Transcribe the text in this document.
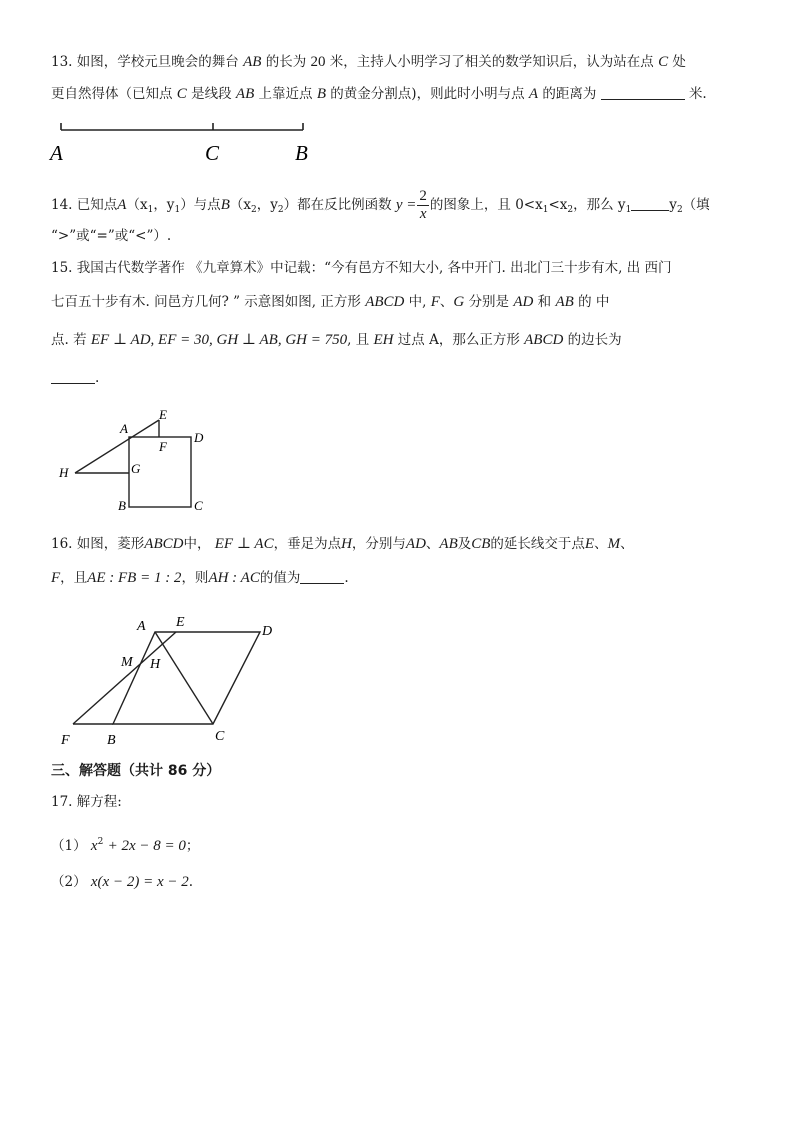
13. 如图，学校元旦晚会的舞台 AB 的长为 20 米，主持人小明学习了相关的数学知识后，认为站在点 C 处
更自然得体（已知点 C 是线段 AB 上靠近点 B 的黄金分割点)，则此时小明与点 A 的距离为	米.
A	C	B
14. 已知点$A(x_1$，$y_1$）与点$B(x_2$，$y_2$）都在反比例函数 $y = \frac{2}{x}$ 的图象上，且 $0<x_1<x_2$，那么 $y_1$	$y_2$（填
“>”或“=”或“<”）.
15. 我国古代数学著作 《九章算术》中记载：“今有邑方不知大小, 各中开门. 出北门三十步有木, 出 西门
七百五十步有木. 问邑方几何? ” 示意图如图, 正方形 ABCD 中, F、G 分别是 AD 和 AB 的 中
点. 若 EF ⊥ AD, EF = 30, GH ⊥ AB, GH = 750, 且 EH 过点 A，那么正方形 ABCD 的边长为
.
A
E
F
D
H	G
B	C
16. 如图，菱形ABCD中， EF ⊥ AC，垂足为点H，分别与AD、AB及CB的延长线交于点E、M、
F，且AE : FB = 1 : 2，则AH : AC的值为	.
A E
D
M H
F	B	C
三、解答题（共计 86 分）
17. 解方程:
（1） $x^2 + 2x - 8 = 0$；
（2） x(x − 2) = x − 2.
